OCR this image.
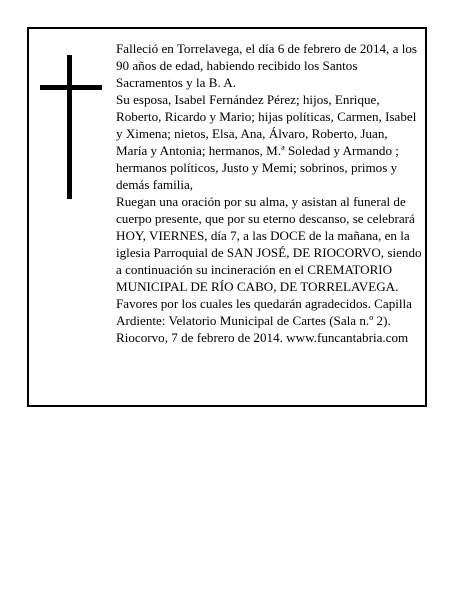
Falleció en Torrelavega, el día 6 de febrero de 2014, a los 90 años de edad, habiendo recibido los Santos Sacramentos y la B. A.

Su esposa, Isabel Fernández Pérez; hijos, Enrique, Roberto, Ricardo y Mario; hijas políticas, Carmen, Isabel y Ximena; nietos, Elsa, Ana, Álvaro, Roberto, Juan, María y Antonia; hermanos, M.ª Soledad y Armando ; hermanos políticos, Justo y Memi; sobrinos, primos y demás familia,

Ruegan una oración por su alma, y asistan al funeral de cuerpo presente, que por su eterno descanso, se celebrará HOY, VIERNES, día 7, a las DOCE de la mañana, en la iglesia Parroquial de SAN JOSÉ, DE RIOCORVO, siendo a continuación su incineración en el CREMATORIO MUNICIPAL DE RÍO CABO, DE TORRELAVEGA. Favores por los cuales les quedarán agradecidos. Capilla Ardiente: Velatorio Municipal de Cartes (Sala n.º 2).

Riocorvo, 7 de febrero de 2014. www.funcantabria.com
